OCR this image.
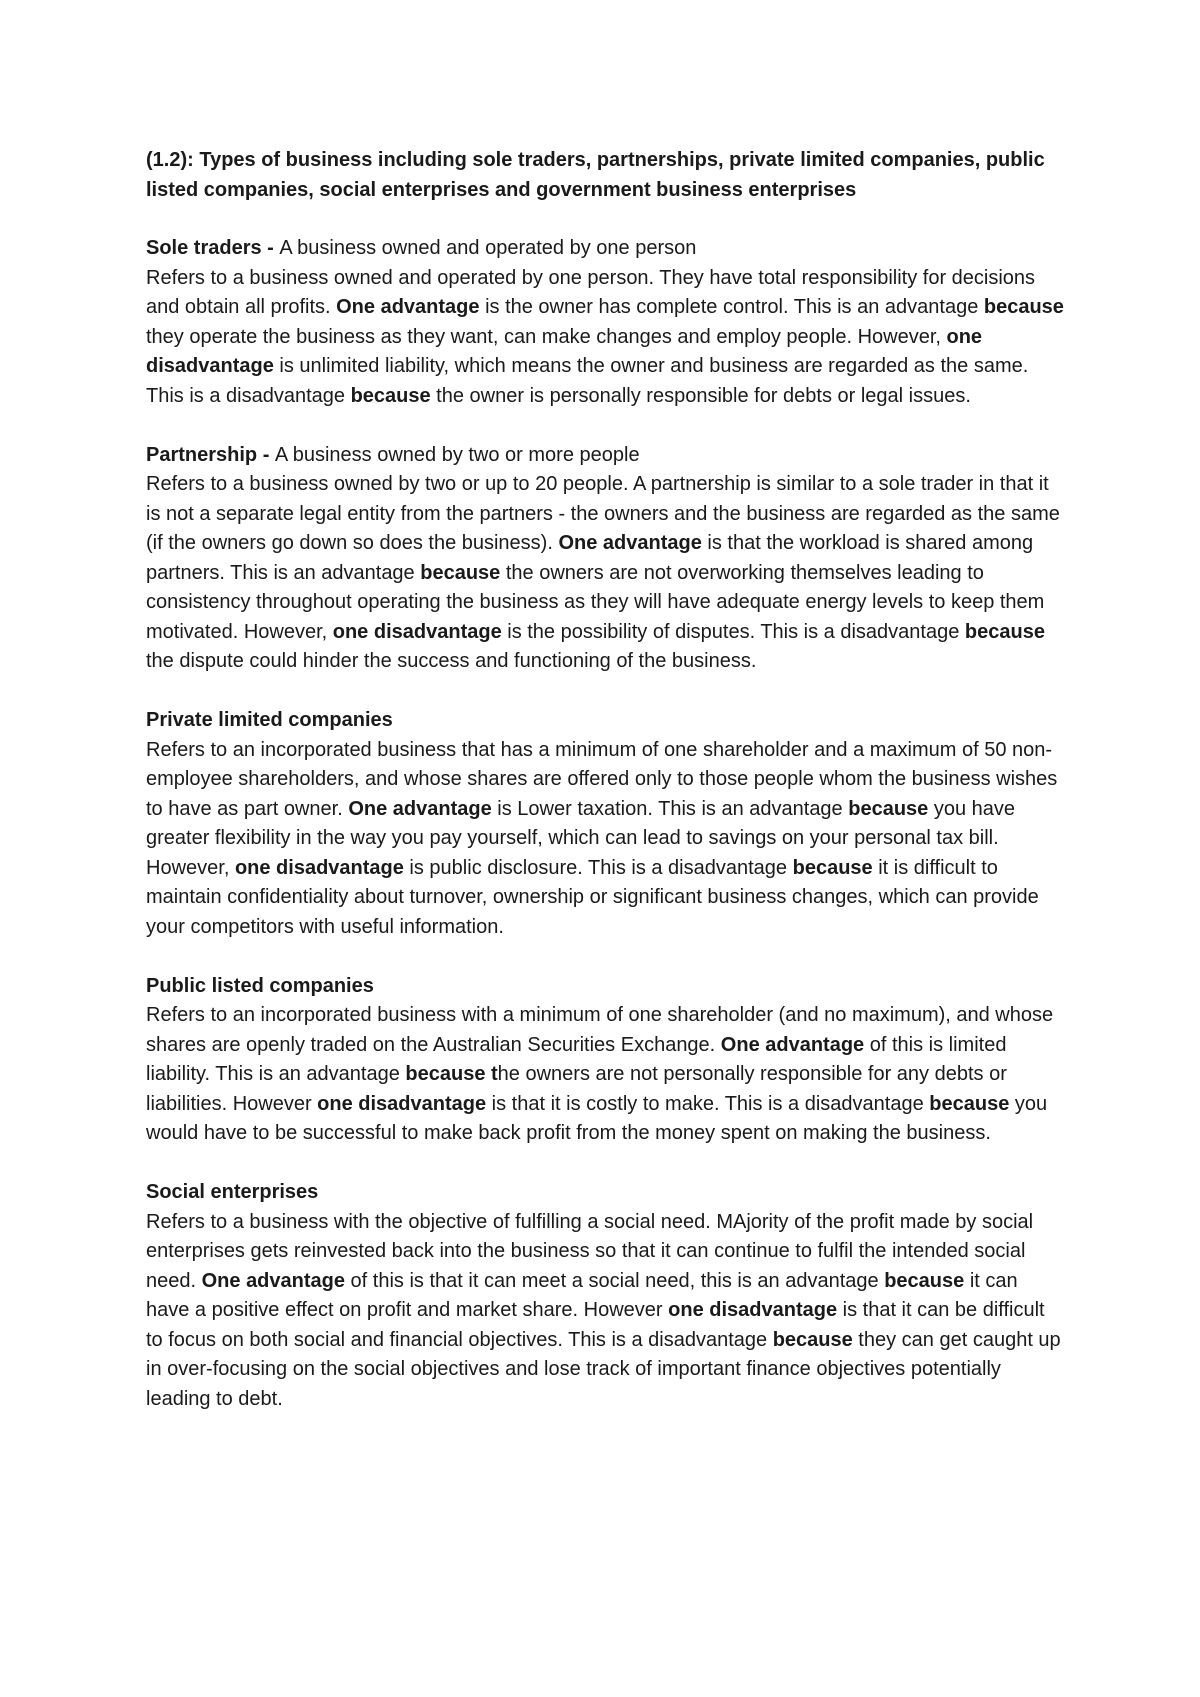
(1.2): Types of business including sole traders, partnerships, private limited companies, public listed companies, social enterprises and government business enterprises

Sole traders - A business owned and operated by one person

Refers to a business owned and operated by one person. They have total responsibility for decisions and obtain all profits. One advantage is the owner has complete control. This is an advantage because they operate the business as they want, can make changes and employ people. However, one disadvantage is unlimited liability, which means the owner and business are regarded as the same. This is a disadvantage because the owner is personally responsible for debts or legal issues.

Partnership - A business owned by two or more people

Refers to a business owned by two or up to 20 people. A partnership is similar to a sole trader in that it is not a separate legal entity from the partners - the owners and the business are regarded as the same (if the owners go down so does the business). One advantage is that the workload is shared among partners. This is an advantage because the owners are not overworking themselves leading to consistency throughout operating the business as they will have adequate energy levels to keep them motivated. However, one disadvantage is the possibility of disputes. This is a disadvantage because the dispute could hinder the success and functioning of the business.

Private limited companies

Refers to an incorporated business that has a minimum of one shareholder and a maximum of 50 non-employee shareholders, and whose shares are offered only to those people whom the business wishes to have as part owner. One advantage is Lower taxation. This is an advantage because you have greater flexibility in the way you pay yourself, which can lead to savings on your personal tax bill. However, one disadvantage is public disclosure. This is a disadvantage because it is difficult to maintain confidentiality about turnover, ownership or significant business changes, which can provide your competitors with useful information.

Public listed companies

Refers to an incorporated business with a minimum of one shareholder (and no maximum), and whose shares are openly traded on the Australian Securities Exchange. One advantage of this is limited liability. This is an advantage because the owners are not personally responsible for any debts or liabilities. However one disadvantage is that it is costly to make. This is a disadvantage because you would have to be successful to make back profit from the money spent on making the business.

Social enterprises

Refers to a business with the objective of fulfilling a social need. MAjority of the profit made by social enterprises gets reinvested back into the business so that it can continue to fulfil the intended social need. One advantage of this is that it can meet a social need, this is an advantage because it can have a positive effect on profit and market share. However one disadvantage is that it can be difficult to focus on both social and financial objectives. This is a disadvantage because they can get caught up in over-focusing on the social objectives and lose track of important finance objectives potentially leading to debt.
